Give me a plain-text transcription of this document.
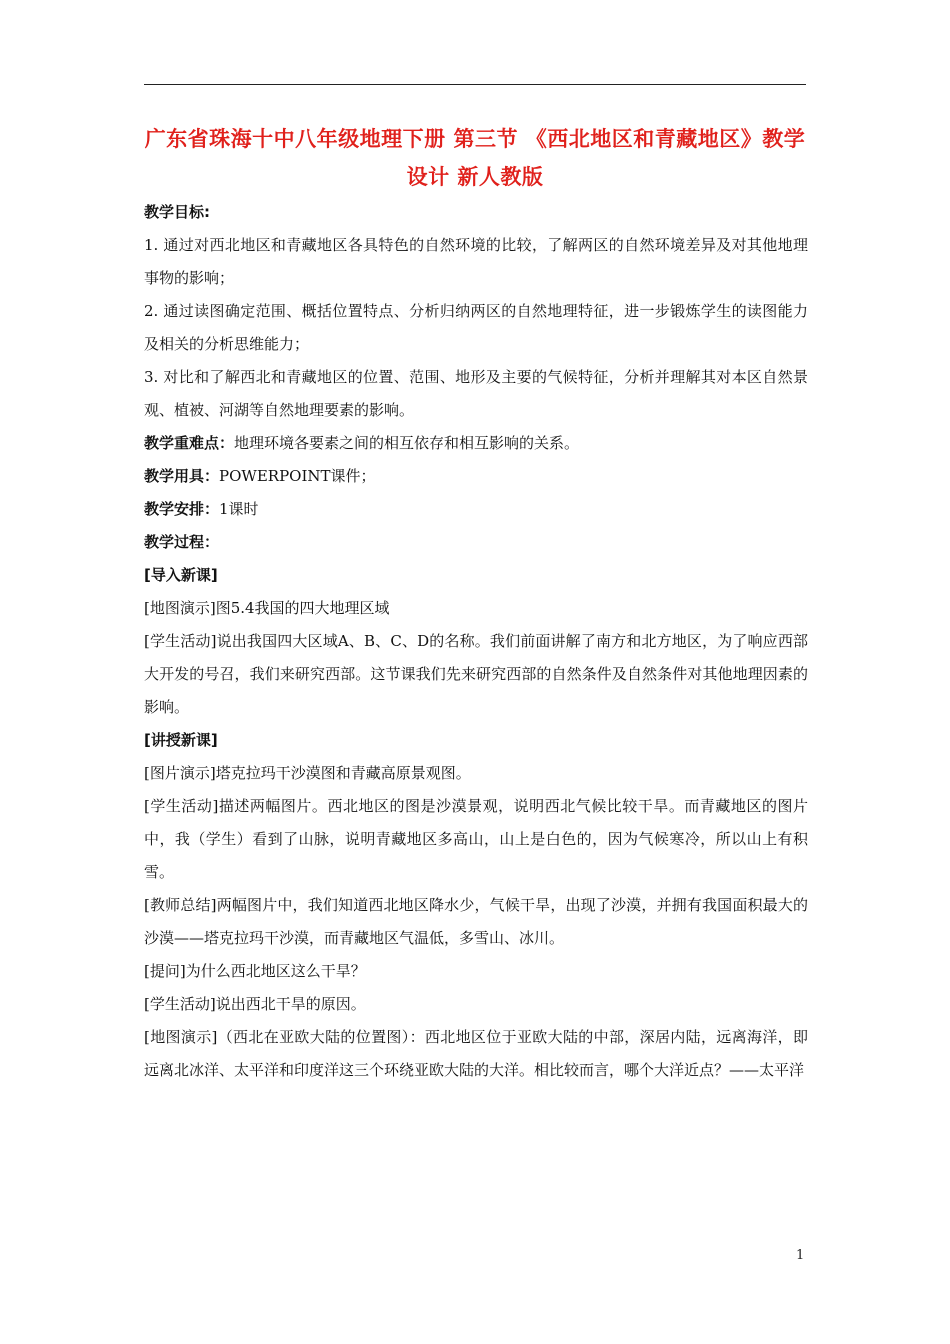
广东省珠海十中八年级地理下册 第三节 《西北地区和青藏地区》教学设计 新人教版

教学目标:

1. 通过对西北地区和青藏地区各具特色的自然环境的比较，了解两区的自然环境差异及对其他地理事物的影响；

2. 通过读图确定范围、概括位置特点、分析归纳两区的自然地理特征，进一步锻炼学生的读图能力及相关的分析思维能力；

3. 对比和了解西北和青藏地区的位置、范围、地形及主要的气候特征，分析并理解其对本区自然景观、植被、河湖等自然地理要素的影响。

教学重难点：地理环境各要素之间的相互依存和相互影响的关系。

教学用具：POWERPOINT课件；

教学安排：1课时

教学过程：

[导入新课]

[地图演示]图5.4我国的四大地理区域

[学生活动]说出我国四大区域A、B、C、D的名称。我们前面讲解了南方和北方地区，为了响应西部大开发的号召，我们来研究西部。这节课我们先来研究西部的自然条件及自然条件对其他地理因素的影响。

[讲授新课]

[图片演示]塔克拉玛干沙漠图和青藏高原景观图。

[学生活动]描述两幅图片。西北地区的图是沙漠景观，说明西北气候比较干旱。而青藏地区的图片中，我（学生）看到了山脉，说明青藏地区多高山，山上是白色的，因为气候寒冷，所以山上有积雪。

[教师总结]两幅图片中，我们知道西北地区降水少，气候干旱，出现了沙漠，并拥有我国面积最大的沙漠——塔克拉玛干沙漠，而青藏地区气温低，多雪山、冰川。

[提问]为什么西北地区这么干旱？

[学生活动]说出西北干旱的原因。

[地图演示]（西北在亚欧大陆的位置图）：西北地区位于亚欧大陆的中部，深居内陆，远离海洋，即远离北冰洋、太平洋和印度洋这三个环绕亚欧大陆的大洋。相比较而言，哪个大洋近点？——太平洋

1
